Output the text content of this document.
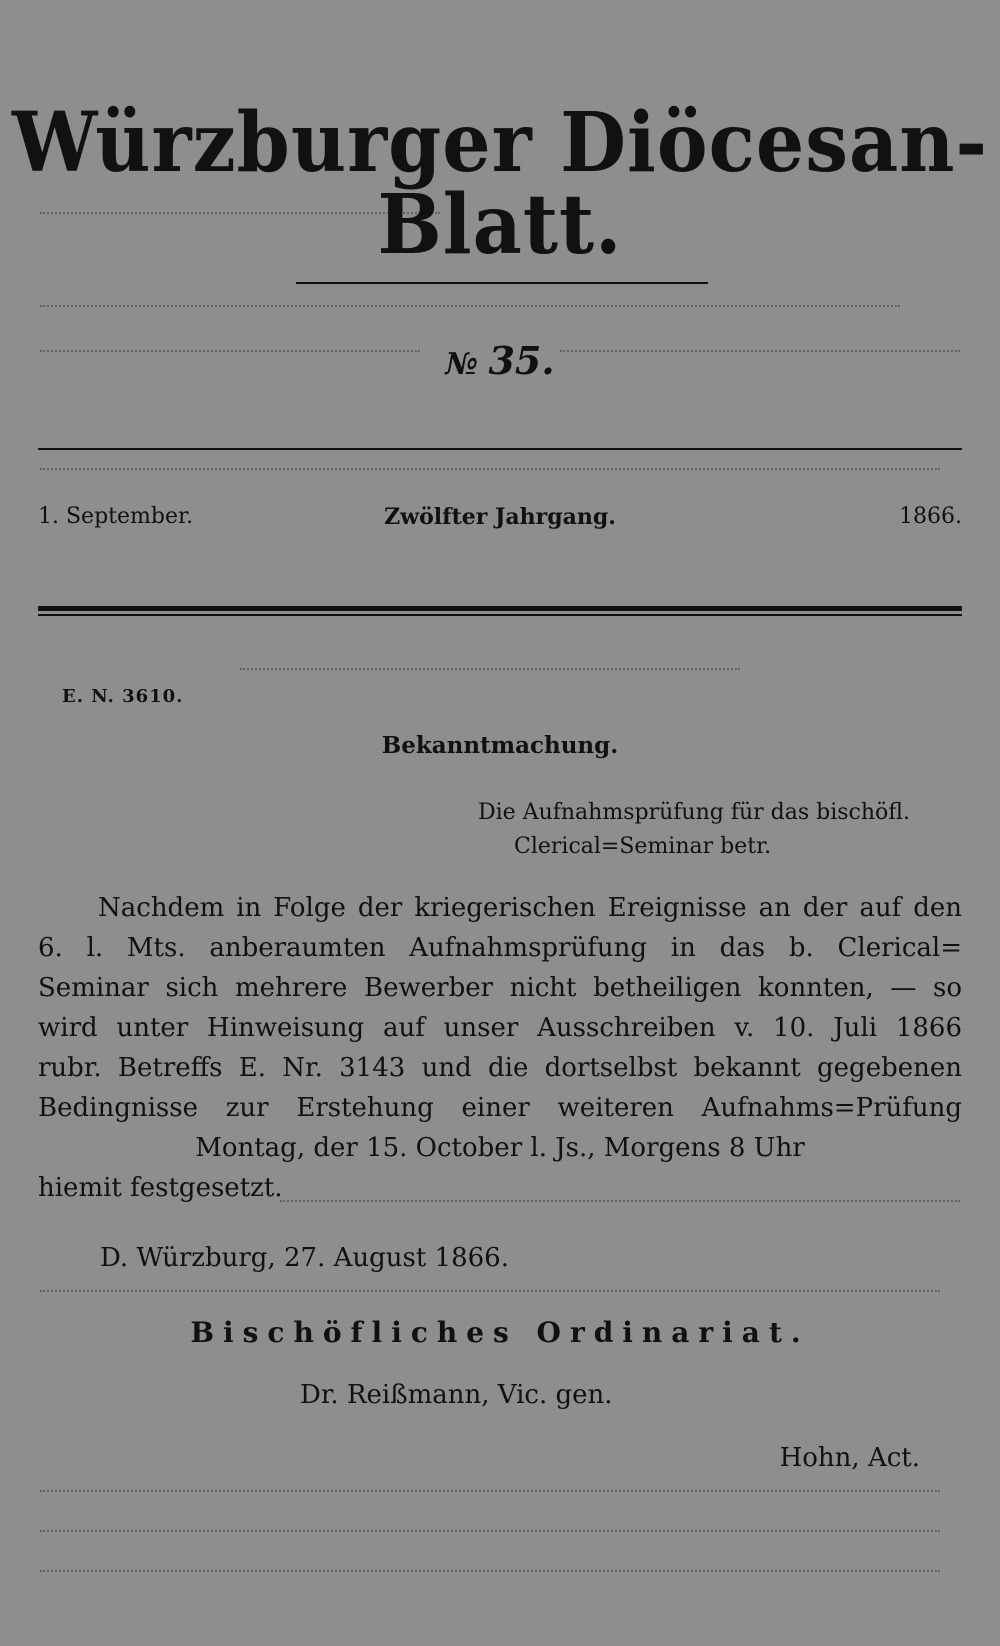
Würzburger Diöcesan-Blatt.
№ 35.
1. September.	Zwölfter Jahrgang.	1866.
E. N. 3610.
Bekanntmachung.
Die Aufnahmsprüfung für das bischöfl.
Clerical=Seminar betr.
Nachdem in Folge der kriegerischen Ereignisse an der auf den
6. l. Mts. anberaumten Aufnahmsprüfung in das b. Clerical=
Seminar sich mehrere Bewerber nicht betheiligen konnten, — so
wird unter Hinweisung auf unser Ausschreiben v. 10. Juli 1866
rubr. Betreffs E. Nr. 3143 und die dortselbst bekannt gegebenen
Bedingnisse zur Erstehung einer weiteren Aufnahms=Prüfung
Montag, der 15. October l. Js., Morgens 8 Uhr
hiemit festgesetzt.
D. Würzburg, 27. August 1866.
Bischöfliches Ordinariat.
Dr. Reißmann, Vic. gen.
Hohn, Act.
